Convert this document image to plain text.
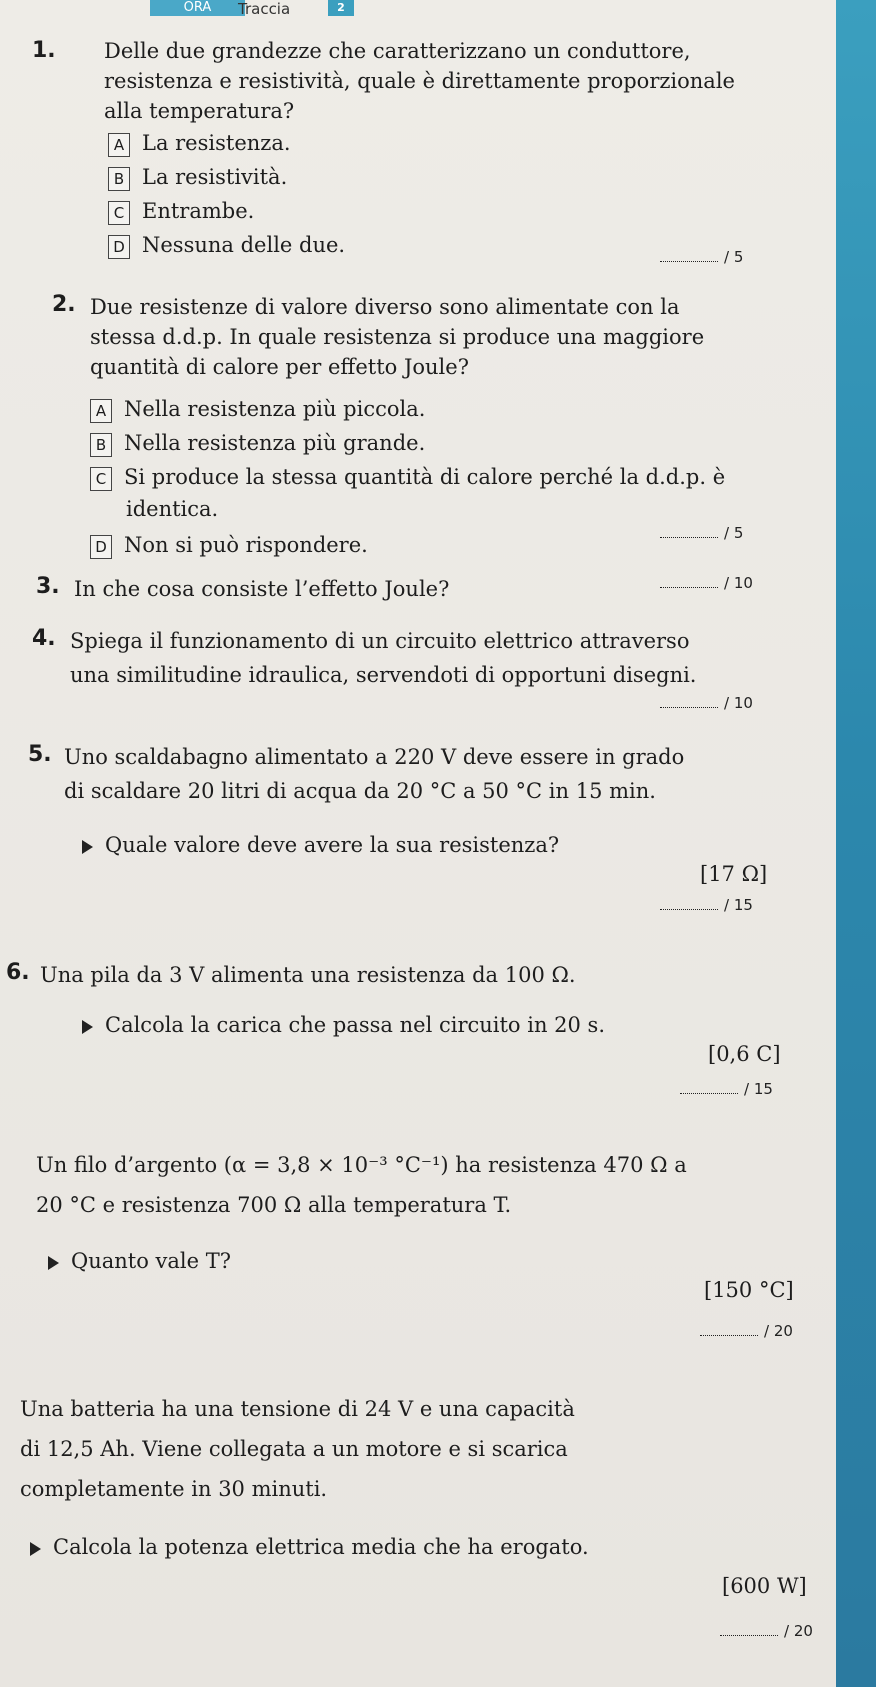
ORA	Traccia	2
1. Delle due grandezze che caratterizzano un conduttore,
resistenza e resistività, quale è direttamente proporzionale
alla temperatura?
A La resistenza.
B La resistività.
C Entrambe.
D Nessuna delle due.	/ 5
2. Due resistenze di valore diverso sono alimentate con la
stessa d.d.p. In quale resistenza si produce una maggiore
quantità di calore per effetto Joule?
A Nella resistenza più piccola.
B Nella resistenza più grande.
C Si produce la stessa quantità di calore perché la d.d.p. è
identica.
D Non si può rispondere.	/ 5
3. In che cosa consiste l’effetto Joule?	/ 10
4. Spiega il funzionamento di un circuito elettrico attraverso
una similitudine idraulica, servendoti di opportuni disegni.
/ 10
5. Uno scaldabagno alimentato a 220 V deve essere in grado
di scaldare 20 litri di acqua da 20 °C a 50 °C in 15 min.
Quale valore deve avere la sua resistenza?
[17 Ω]
/ 15
6. Una pila da 3 V alimenta una resistenza da 100 Ω.
Calcola la carica che passa nel circuito in 20 s.
[0,6 C]
/ 15
Un filo d’argento (α = 3,8 × 10⁻³ °C⁻¹) ha resistenza 470 Ω a
20 °C e resistenza 700 Ω alla temperatura T.
Quanto vale T?
[150 °C]
/ 20
Una batteria ha una tensione di 24 V e una capacità
di 12,5 Ah. Viene collegata a un motore e si scarica
completamente in 30 minuti.
Calcola la potenza elettrica media che ha erogato.
[600 W]
/ 20
